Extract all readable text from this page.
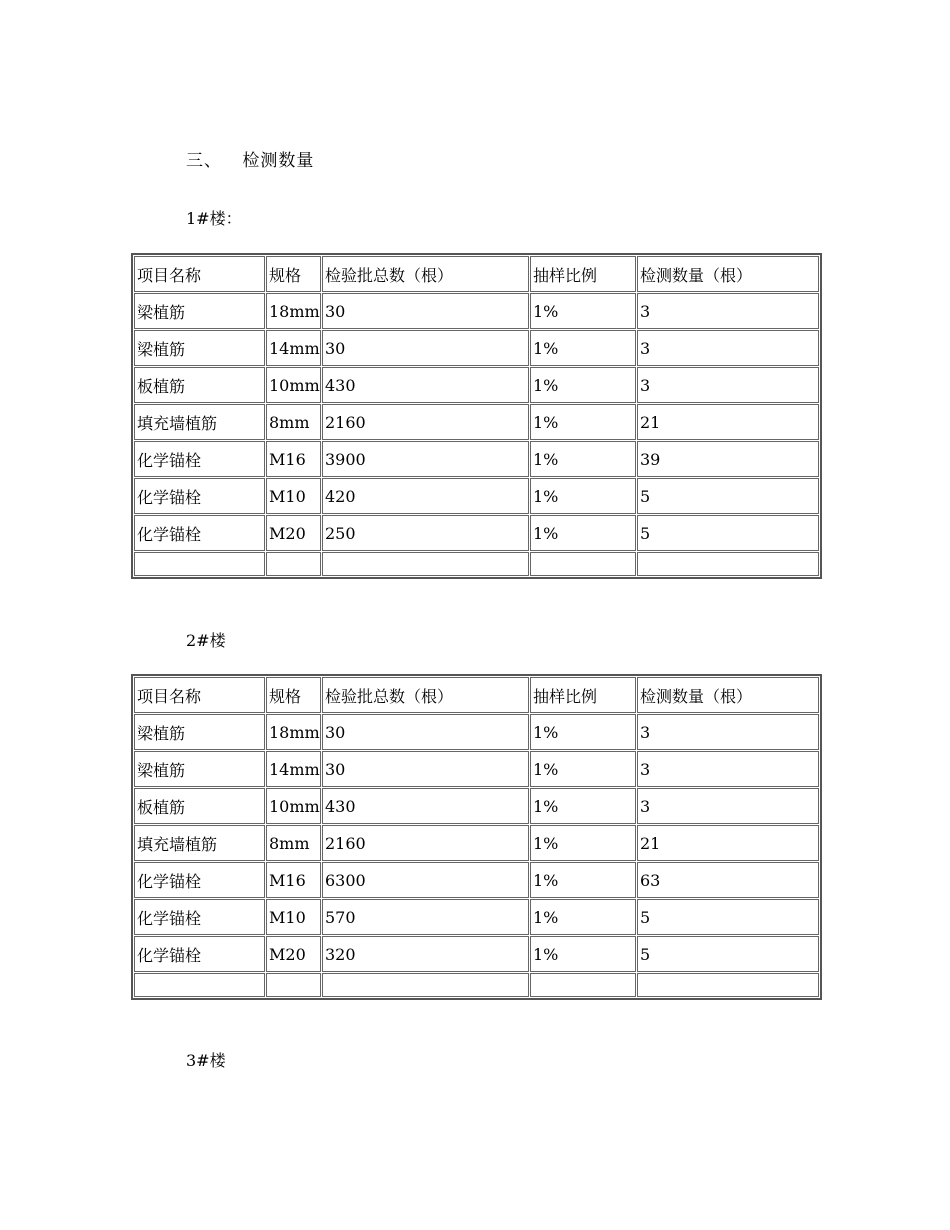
三、 检测数量
1#楼：
项目名称	规格	检验批总数（根）	抽样比例	检测数量（根）
梁植筋	18mm	30	1%	3
梁植筋	14mm	30	1%	3
板植筋	10mm	430	1%	3
填充墙植筋	8mm	2160	1%	21
化学锚栓	M16	3900	1%	39
化学锚栓	M10	420	1%	5
化学锚栓	M20	250	1%	5

2#楼
项目名称	规格	检验批总数（根）	抽样比例	检测数量（根）
梁植筋	18mm	30	1%	3
梁植筋	14mm	30	1%	3
板植筋	10mm	430	1%	3
填充墙植筋	8mm	2160	1%	21
化学锚栓	M16	6300	1%	63
化学锚栓	M10	570	1%	5
化学锚栓	M20	320	1%	5

3#楼
